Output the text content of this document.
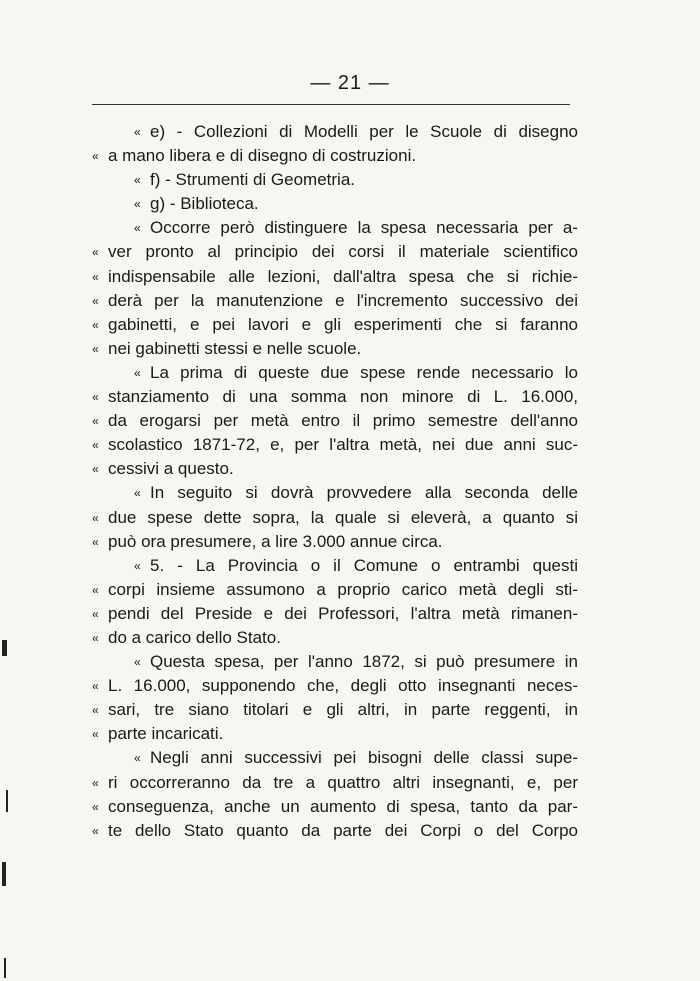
— 21 —
« e) - Collezioni di Modelli per le Scuole di disegno
« a mano libera e di disegno di costruzioni.
« f) - Strumenti di Geometria.
« g) - Biblioteca.
« Occorre però distinguere la spesa necessaria per a-
« ver pronto al principio dei corsi il materiale scientifico
« indispensabile alle lezioni, dall'altra spesa che si richie-
« derà per la manutenzione e l'incremento successivo dei
« gabinetti, e pei lavori e gli esperimenti che si faranno
« nei gabinetti stessi e nelle scuole.
« La prima di queste due spese rende necessario lo
« stanziamento di una somma non minore di L. 16.000,
« da erogarsi per metà entro il primo semestre dell'anno
« scolastico 1871-72, e, per l'altra metà, nei due anni suc-
« cessivi a questo.
« In seguito si dovrà provvedere alla seconda delle
« due spese dette sopra, la quale si eleverà, a quanto si
« può ora presumere, a lire 3.000 annue circa.
« 5. - La Provincia o il Comune o entrambi questi
« corpi insieme assumono a proprio carico metà degli sti-
« pendi del Preside e dei Professori, l'altra metà rimanen-
« do a carico dello Stato.
« Questa spesa, per l'anno 1872, si può presumere in
« L. 16.000, supponendo che, degli otto insegnanti neces-
« sari, tre siano titolari e gli altri, in parte reggenti, in
« parte incaricati.
« Negli anni successivi pei bisogni delle classi supe-
« ri occorreranno da tre a quattro altri insegnanti, e, per
« conseguenza, anche un aumento di spesa, tanto da par-
« te dello Stato quanto da parte dei Corpi o del Corpo
